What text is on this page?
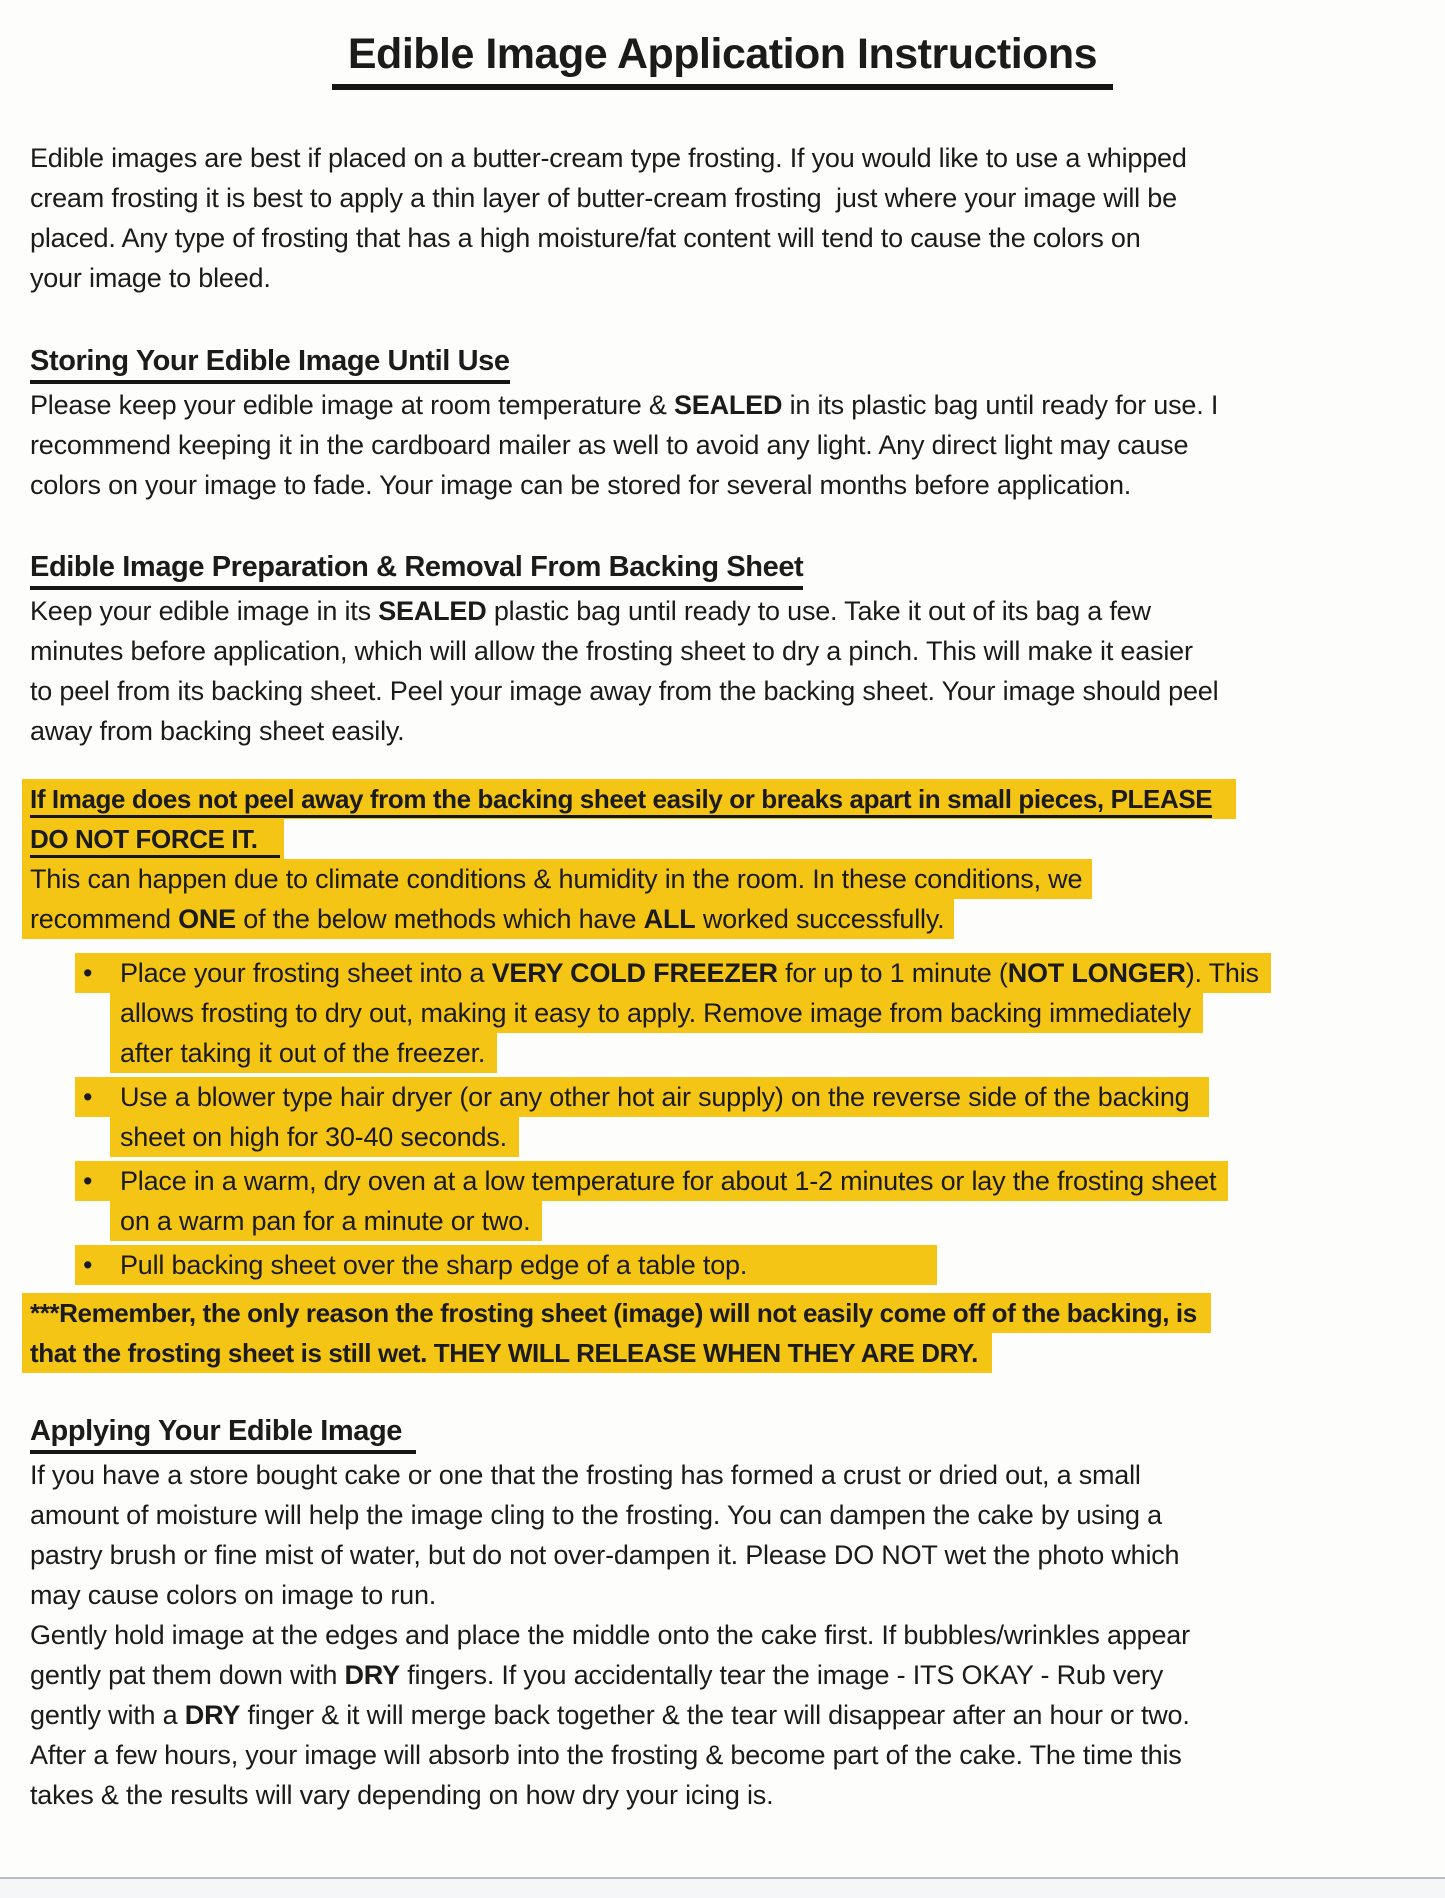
Edible Image Application Instructions
Edible images are best if placed on a butter-cream type frosting. If you would like to use a whipped
cream frosting it is best to apply a thin layer of butter-cream frosting  just where your image will be
placed. Any type of frosting that has a high moisture/fat content will tend to cause the colors on
your image to bleed.
Storing Your Edible Image Until Use
Please keep your edible image at room temperature & SEALED in its plastic bag until ready for use. I
recommend keeping it in the cardboard mailer as well to avoid any light. Any direct light may cause
colors on your image to fade. Your image can be stored for several months before application.
Edible Image Preparation & Removal From Backing Sheet
Keep your edible image in its SEALED plastic bag until ready to use. Take it out of its bag a few
minutes before application, which will allow the frosting sheet to dry a pinch. This will make it easier
to peel from its backing sheet. Peel your image away from the backing sheet. Your image should peel
away from backing sheet easily.
If Image does not peel away from the backing sheet easily or breaks apart in small pieces, PLEASE
DO NOT FORCE IT.
This can happen due to climate conditions & humidity in the room. In these conditions, we
recommend ONE of the below methods which have ALL worked successfully.
• Place your frosting sheet into a VERY COLD FREEZER for up to 1 minute (NOT LONGER). This
allows frosting to dry out, making it easy to apply. Remove image from backing immediately
after taking it out of the freezer.
• Use a blower type hair dryer (or any other hot air supply) on the reverse side of the backing
sheet on high for 30-40 seconds.
• Place in a warm, dry oven at a low temperature for about 1-2 minutes or lay the frosting sheet
on a warm pan for a minute or two.
• Pull backing sheet over the sharp edge of a table top.
***Remember, the only reason the frosting sheet (image) will not easily come off of the backing, is
that the frosting sheet is still wet. THEY WILL RELEASE WHEN THEY ARE DRY.
Applying Your Edible Image
If you have a store bought cake or one that the frosting has formed a crust or dried out, a small
amount of moisture will help the image cling to the frosting. You can dampen the cake by using a
pastry brush or fine mist of water, but do not over-dampen it. Please DO NOT wet the photo which
may cause colors on image to run.
Gently hold image at the edges and place the middle onto the cake first. If bubbles/wrinkles appear
gently pat them down with DRY fingers. If you accidentally tear the image - ITS OKAY - Rub very
gently with a DRY finger & it will merge back together & the tear will disappear after an hour or two.
After a few hours, your image will absorb into the frosting & become part of the cake. The time this
takes & the results will vary depending on how dry your icing is.
